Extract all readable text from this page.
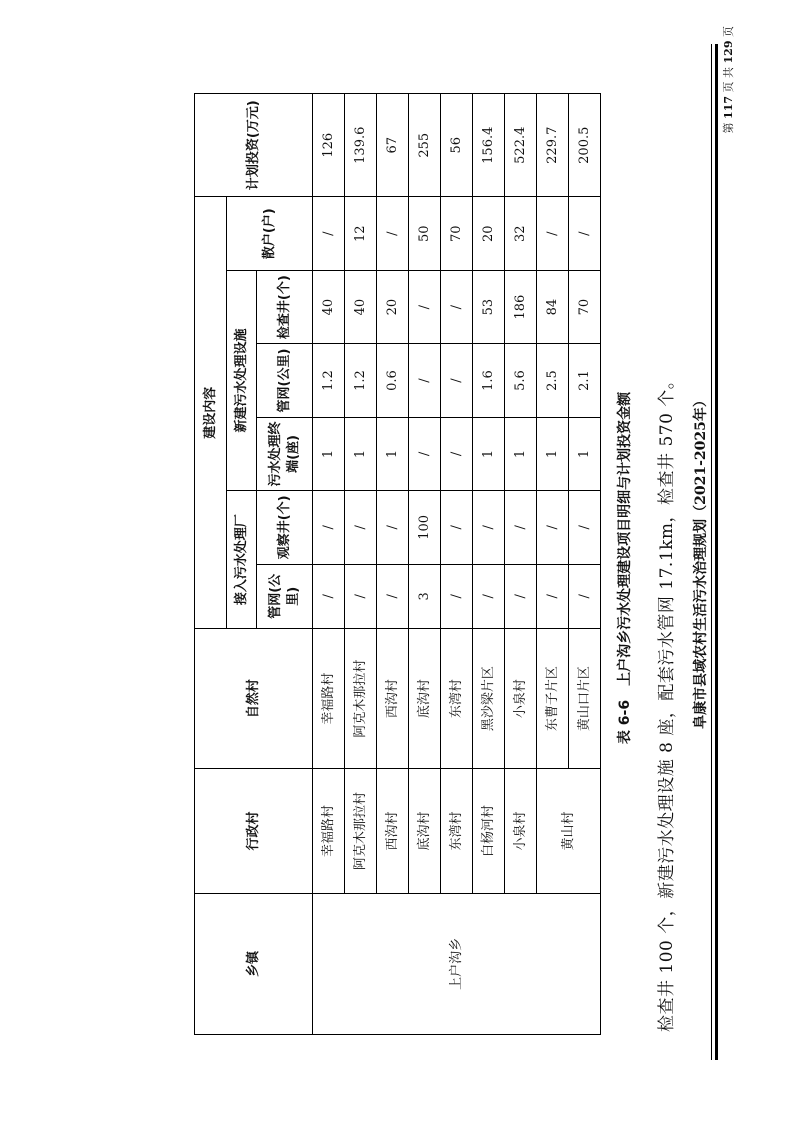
阜康市县域农村生活污水治理规划（2021-2025年）
检查井 100 个，新建污水处理设施 8 座，配套污水管网 17.1km，检查井 570 个。
表 6-6上户沟乡污水处理建设项目明细与计划投资金额
乡镇	行政村	自然村	建设内容						计划投资(万元)
			接入污水处理厂		新建污水处理设施			散户(户)	
			管网(公里)	观察井(个)	污水处理终端(座)	管网(公里)	检查井(个)		
上户沟乡	幸福路村	幸福路村	/	/	1	1.2	40	/	126
	阿克木那拉村	阿克木那拉村	/	/	1	1.2	40	12	139.6
	西沟村	西沟村	/	/	1	0.6	20	/	67
	底沟村	底沟村	3	100	/	/	/	50	255
	东湾村	东湾村	/	/	/	/	/	70	56
	白杨河村	黑沙梁片区	/	/	1	1.6	53	20	156.4
	小泉村	小泉村	/	/	1	5.6	186	32	522.4
	黄山村	东曹子片区	/	/	1	2.5	84	/	229.7
		黄山口片区	/	/	1	2.1	70	/	200.5	第 117 页 共 129 页
